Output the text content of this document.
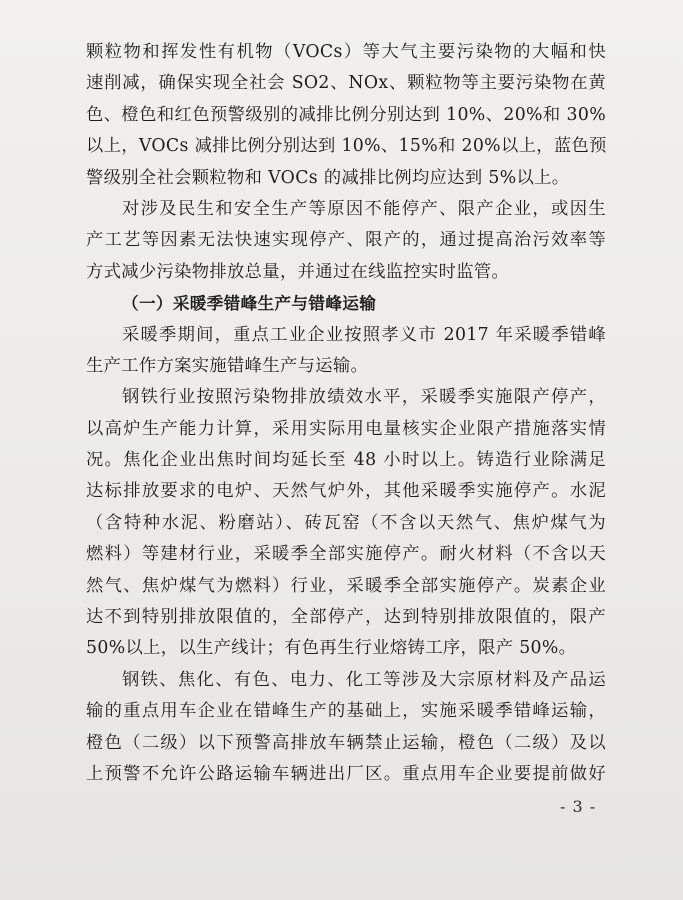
颗粒物和挥发性有机物（VOCs）等大气主要污染物的大幅和快
速削减，确保实现全社会 SO2、NOx、颗粒物等主要污染物在黄
色、橙色和红色预警级别的减排比例分别达到 10%、20%和 30%
以上，VOCs 减排比例分别达到 10%、15%和 20%以上，蓝色预
警级别全社会颗粒物和 VOCs 的减排比例均应达到 5%以上。
对涉及民生和安全生产等原因不能停产、限产企业，或因生
产工艺等因素无法快速实现停产、限产的，通过提高治污效率等
方式减少污染物排放总量，并通过在线监控实时监管。
（一）采暖季错峰生产与错峰运输
采暖季期间，重点工业企业按照孝义市 2017 年采暖季错峰
生产工作方案实施错峰生产与运输。
钢铁行业按照污染物排放绩效水平，采暖季实施限产停产，
以高炉生产能力计算，采用实际用电量核实企业限产措施落实情
况。焦化企业出焦时间均延长至 48 小时以上。铸造行业除满足
达标排放要求的电炉、天然气炉外，其他采暖季实施停产。水泥
（含特种水泥、粉磨站）、砖瓦窑（不含以天然气、焦炉煤气为
燃料）等建材行业，采暖季全部实施停产。耐火材料（不含以天
然气、焦炉煤气为燃料）行业，采暖季全部实施停产。炭素企业
达不到特别排放限值的，全部停产，达到特别排放限值的，限产
50%以上，以生产线计；有色再生行业熔铸工序，限产 50%。
钢铁、焦化、有色、电力、化工等涉及大宗原材料及产品运
输的重点用车企业在错峰生产的基础上，实施采暖季错峰运输，
橙色（二级）以下预警高排放车辆禁止运输，橙色（二级）及以
上预警不允许公路运输车辆进出厂区。重点用车企业要提前做好
- 3 -
